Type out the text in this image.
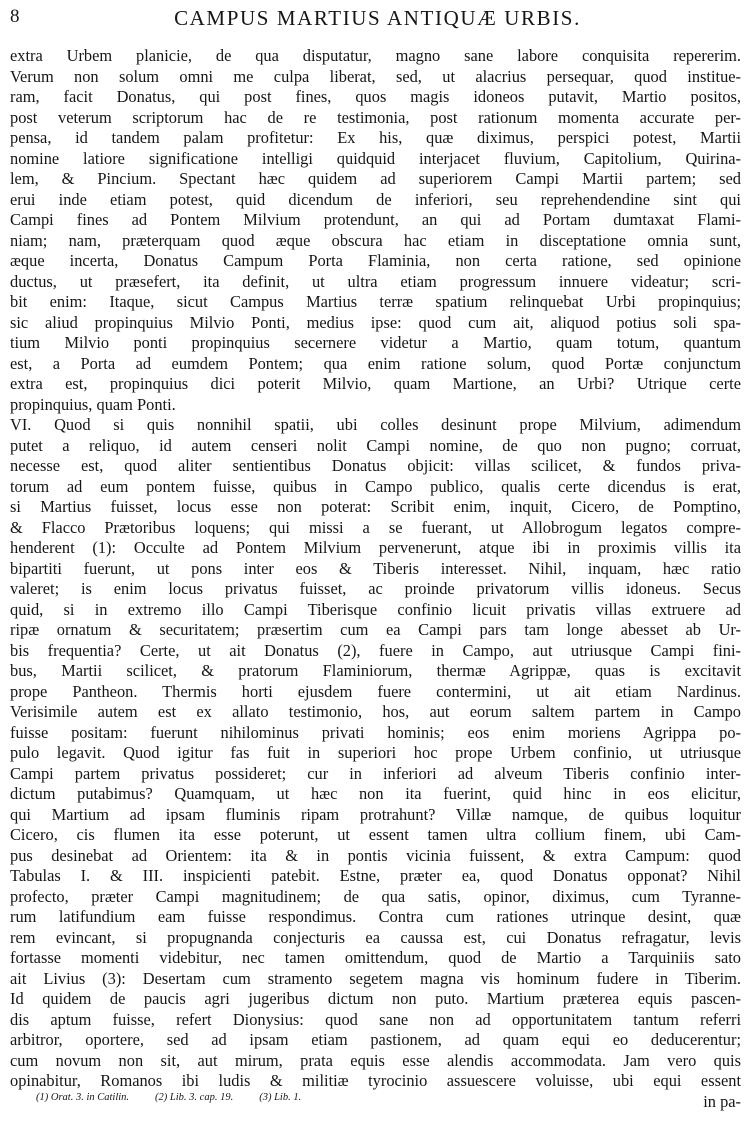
8	CAMPUS MARTIUS ANTIQUÆ URBIS.
extra Urbem planicie, de qua disputatur, magno sane labore conquisita repererim.
Verum non solum omni me culpa liberat, sed, ut alacrius persequar, quod institue-
ram, facit Donatus, qui post fines, quos magis idoneos putavit, Martio positos,
post veterum scriptorum hac de re testimonia, post rationum momenta accurate per-
pensa, id tandem palam profitetur: Ex his, quæ diximus, perspici potest, Martii
nomine latiore significatione intelligi quidquid interjacet fluvium, Capitolium, Quirina-
lem, & Pincium. Spectant hæc quidem ad superiorem Campi Martii partem; sed
erui inde etiam potest, quid dicendum de inferiori, seu reprehendendine sint qui
Campi fines ad Pontem Milvium protendunt, an qui ad Portam dumtaxat Flami-
niam; nam, præterquam quod æque obscura hac etiam in disceptatione omnia sunt,
æque incerta, Donatus Campum Porta Flaminia, non certa ratione, sed opinione
ductus, ut præsefert, ita definit, ut ultra etiam progressum innuere videatur; scri-
bit enim: Itaque, sicut Campus Martius terræ spatium relinquebat Urbi propinquius;
sic aliud propinquius Milvio Ponti, medius ipse: quod cum ait, aliquod potius soli spa-
tium Milvio ponti propinquius secernere videtur a Martio, quam totum, quantum
est, a Porta ad eumdem Pontem; qua enim ratione solum, quod Portæ conjunctum
extra est, propinquius dici poterit Milvio, quam Martione, an Urbi? Utrique certe
propinquius, quam Ponti.
VI. Quod si quis nonnihil spatii, ubi colles desinunt prope Milvium, adimendum
putet a reliquo, id autem censeri nolit Campi nomine, de quo non pugno; corruat,
necesse est, quod aliter sentientibus Donatus objicit: villas scilicet, & fundos priva-
torum ad eum pontem fuisse, quibus in Campo publico, qualis certe dicendus is erat,
si Martius fuisset, locus esse non poterat: Scribit enim, inquit, Cicero, de Pomptino,
& Flacco Prætoribus loquens; qui missi a se fuerant, ut Allobrogum legatos compre-
henderent (1): Occulte ad Pontem Milvium pervenerunt, atque ibi in proximis villis ita
bipartiti fuerunt, ut pons inter eos & Tiberis interesset. Nihil, inquam, hæc ratio
valeret; is enim locus privatus fuisset, ac proinde privatorum villis idoneus. Secus
quid, si in extremo illo Campi Tiberisque confinio licuit privatis villas extruere ad
ripæ ornatum & securitatem; præsertim cum ea Campi pars tam longe abesset ab Ur-
bis frequentia? Certe, ut ait Donatus (2), fuere in Campo, aut utriusque Campi fini-
bus, Martii scilicet, & pratorum Flaminiorum, thermæ Agrippæ, quas is excitavit
prope Pantheon. Thermis horti ejusdem fuere contermini, ut ait etiam Nardinus.
Verisimile autem est ex allato testimonio, hos, aut eorum saltem partem in Campo
fuisse positam: fuerunt nihilominus privati hominis; eos enim moriens Agrippa po-
pulo legavit. Quod igitur fas fuit in superiori hoc prope Urbem confinio, ut utriusque
Campi partem privatus possideret; cur in inferiori ad alveum Tiberis confinio inter-
dictum putabimus? Quamquam, ut hæc non ita fuerint, quid hinc in eos elicitur,
qui Martium ad ipsam fluminis ripam protrahunt? Villæ namque, de quibus loquitur
Cicero, cis flumen ita esse poterunt, ut essent tamen ultra collium finem, ubi Cam-
pus desinebat ad Orientem: ita & in pontis vicinia fuissent, & extra Campum: quod
Tabulas I. & III. inspicienti patebit. Estne, præter ea, quod Donatus opponat? Nihil
profecto, præter Campi magnitudinem; de qua satis, opinor, diximus, cum Tyranne-
rum latifundium eam fuisse respondimus. Contra cum rationes utrinque desint, quæ
rem evincant, si propugnanda conjecturis ea caussa est, cui Donatus refragatur, levis
fortasse momenti videbitur, nec tamen omittendum, quod de Martio a Tarquiniis sato
ait Livius (3): Desertam cum stramento segetem magna vis hominum fudere in Tiberim.
Id quidem de paucis agri jugeribus dictum non puto. Martium præterea equis pascen-
dis aptum fuisse, refert Dionysius: quod sane non ad opportunitatem tantum referri
arbitror, oportere, sed ad ipsam etiam pastionem, ad quam equi eo deducerentur;
cum novum non sit, aut mirum, prata equis esse alendis accommodata. Jam vero quis
opinabitur, Romanos ibi ludis & militiæ tyrocinio assuescere voluisse, ubi equi essent
in pa-
(1) Orat. 3. in Catilin. (2) Lib. 3. cap. 19. (3) Lib. 1.
